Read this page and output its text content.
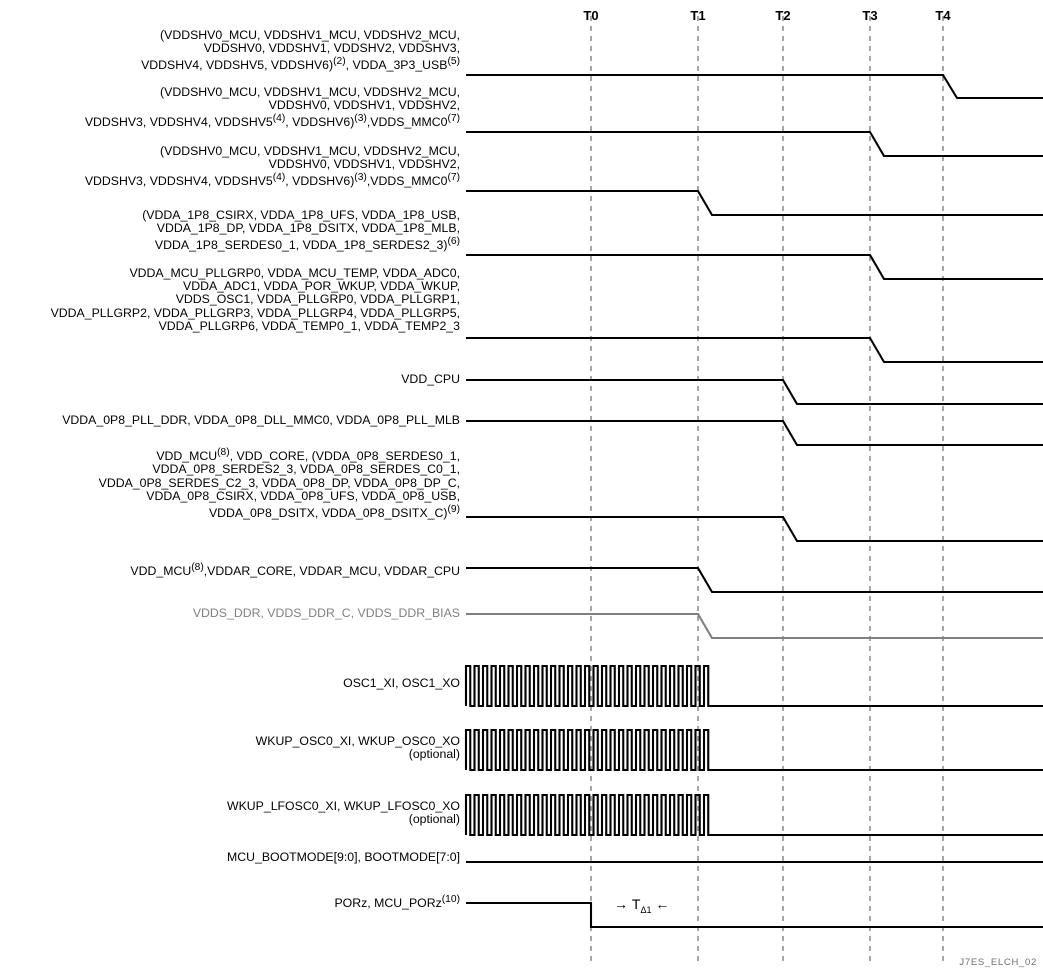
T0	T1	T2	T3	T4
(VDDSHV0_MCU, VDDSHV1_MCU, VDDSHV2_MCU,
VDDSHV0, VDDSHV1, VDDSHV2, VDDSHV3,
VDDSHV4, VDDSHV5, VDDSHV6)$^{(2)}$, VDDA_3P3_USB$^{(5)}$
(VDDSHV0_MCU, VDDSHV1_MCU, VDDSHV2_MCU,
VDDSHV0, VDDSHV1, VDDSHV2,
VDDSHV3, VDDSHV4, VDDSHV5$^{(4)}$, VDDSHV6)$^{(3)}$,VDDS_MMC0$^{(7)}$
(VDDSHV0_MCU, VDDSHV1_MCU, VDDSHV2_MCU,
VDDSHV0, VDDSHV1, VDDSHV2,
VDDSHV3, VDDSHV4, VDDSHV5$^{(4)}$, VDDSHV6)$^{(3)}$,VDDS_MMC0$^{(7)}$
(VDDA_1P8_CSIRX, VDDA_1P8_UFS, VDDA_1P8_USB,
VDDA_1P8_DP, VDDA_1P8_DSITX, VDDA_1P8_MLB,
VDDA_1P8_SERDES0_1, VDDA_1P8_SERDES2_3)$^{(6)}$
VDDA_MCU_PLLGRP0, VDDA_MCU_TEMP, VDDA_ADC0,
VDDA_ADC1, VDDA_POR_WKUP, VDDA_WKUP,
VDDS_OSC1, VDDA_PLLGRP0, VDDA_PLLGRP1,
VDDA_PLLGRP2, VDDA_PLLGRP3, VDDA_PLLGRP4, VDDA_PLLGRP5,
VDDA_PLLGRP6, VDDA_TEMP0_1, VDDA_TEMP2_3
VDD_CPU
VDDA_0P8_PLL_DDR, VDDA_0P8_DLL_MMC0, VDDA_0P8_PLL_MLB
VDD_MCU$^{(8)}$, VDD_CORE, (VDDA_0P8_SERDES0_1,
VDDA_0P8_SERDES2_3, VDDA_0P8_SERDES_C0_1,
VDDA_0P8_SERDES_C2_3, VDDA_0P8_DP, VDDA_0P8_DP_C,
VDDA_0P8_CSIRX, VDDA_0P8_UFS, VDDA_0P8_USB,
VDDA_0P8_DSITX, VDDA_0P8_DSITX_C)$^{(9)}$
VDD_MCU$^{(8)}$,VDDAR_CORE, VDDAR_MCU, VDDAR_CPU
VDDS_DDR, VDDS_DDR_C, VDDS_DDR_BIAS
OSC1_XI, OSC1_XO
WKUP_OSC0_XI, WKUP_OSC0_XO
(optional)
WKUP_LFOSC0_XI, WKUP_LFOSC0_XO
(optional)
MCU_BOOTMODE[9:0], BOOTMODE[7:0]
PORz, MCU_PORz$^{(10)}$	→ $T_{\Delta 1}$ ←
J7ES_ELCH_02
